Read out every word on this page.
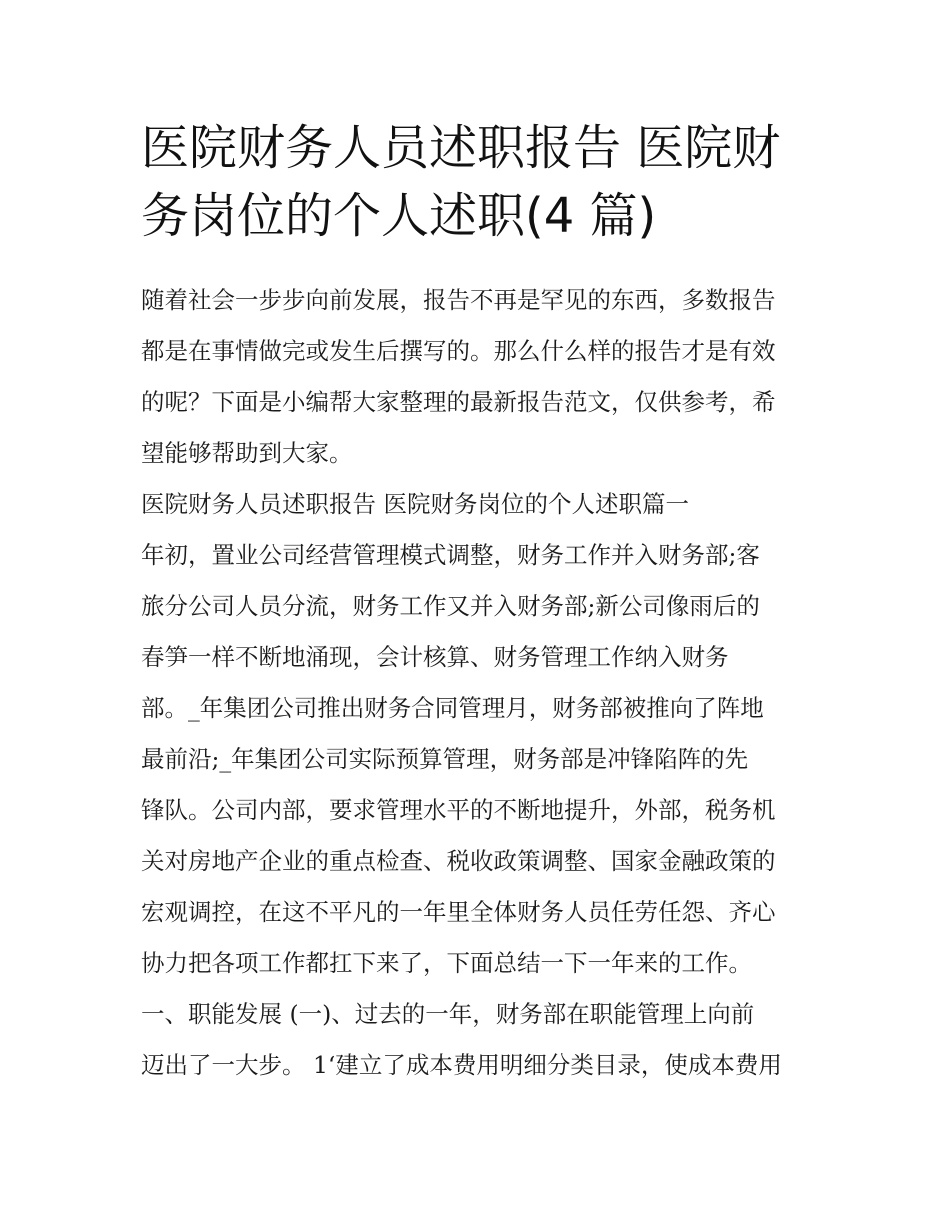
医院财务人员述职报告 医院财
务岗位的个人述职(4 篇)
随着社会一步步向前发展，报告不再是罕见的东西，多数报告
都是在事情做完或发生后撰写的。那么什么样的报告才是有效
的呢？下面是小编帮大家整理的最新报告范文，仅供参考，希
望能够帮助到大家。
医院财务人员述职报告 医院财务岗位的个人述职篇一
年初，置业公司经营管理模式调整，财务工作并入财务部;客
旅分公司人员分流，财务工作又并入财务部;新公司像雨后的
春笋一样不断地涌现，会计核算、财务管理工作纳入财务
部。_年集团公司推出财务合同管理月，财务部被推向了阵地
最前沿;_年集团公司实际预算管理，财务部是冲锋陷阵的先
锋队。公司内部，要求管理水平的不断地提升，外部，税务机
关对房地产企业的重点检查、税收政策调整、国家金融政策的
宏观调控，在这不平凡的一年里全体财务人员任劳任怨、齐心
协力把各项工作都扛下来了，下面总结一下一年来的工作。
一、职能发展 (一)、过去的一年，财务部在职能管理上向前
迈出了一大步。 1‘建立了成本费用明细分类目录，使成本费用
